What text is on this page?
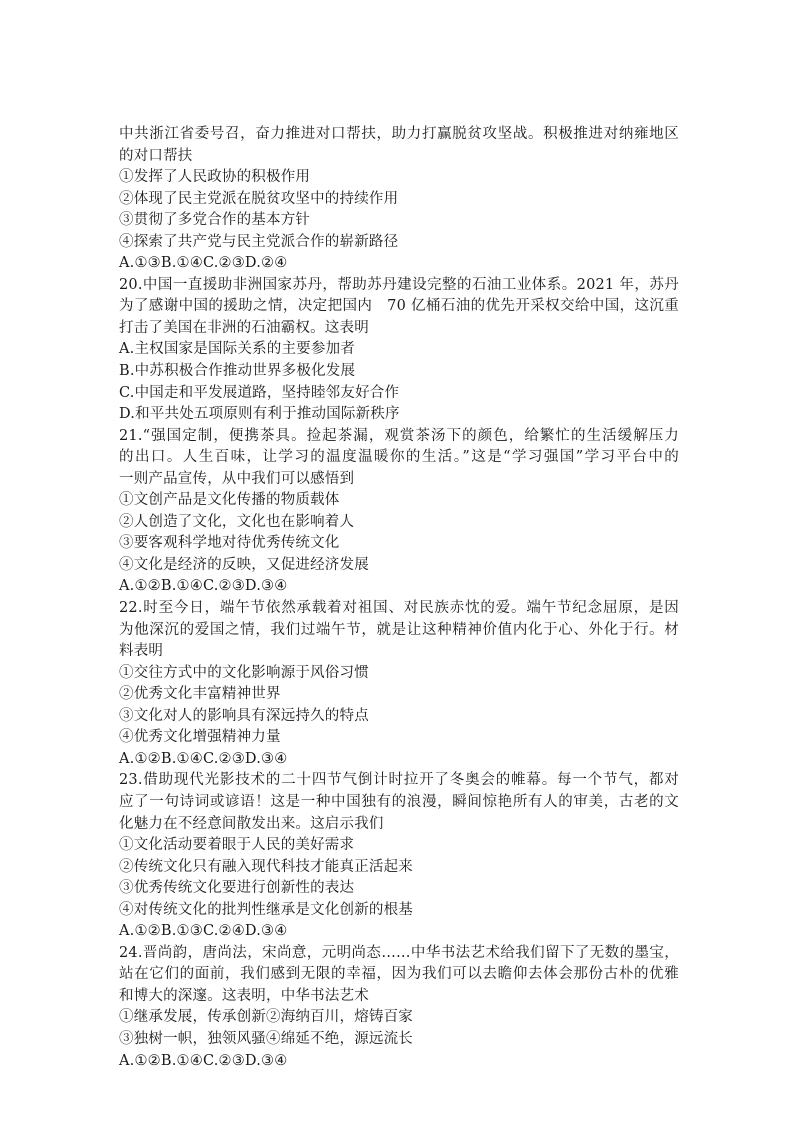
中共浙江省委号召，奋力推进对口帮扶，助力打赢脱贫攻坚战。积极推进对纳雍地区
的对口帮扶
①发挥了人民政协的积极作用
②体现了民主党派在脱贫攻坚中的持续作用
③贯彻了多党合作的基本方针
④探索了共产党与民主党派合作的崭新路径
A.①③B.①④C.②③D.②④
20.中国一直援助非洲国家苏丹，帮助苏丹建设完整的石油工业体系。2021 年，苏丹
为了感谢中国的援助之情，决定把国内　70 亿桶石油的优先开采权交给中国，这沉重
打击了美国在非洲的石油霸权。这表明
A.主权国家是国际关系的主要参加者
B.中苏积极合作推动世界多极化发展
C.中国走和平发展道路，坚持睦邻友好合作
D.和平共处五项原则有利于推动国际新秩序
21.“强国定制，便携茶具。捡起茶漏，观赏茶汤下的颜色，给繁忙的生活缓解压力
的出口。人生百味，让学习的温度温暖你的生活。”这是“学习强国”学习平台中的
一则产品宣传，从中我们可以感悟到
①文创产品是文化传播的物质载体
②人创造了文化，文化也在影响着人
③要客观科学地对待优秀传统文化
④文化是经济的反映，又促进经济发展
A.①②B.①④C.②③D.③④
22.时至今日，端午节依然承载着对祖国、对民族赤忱的爱。端午节纪念屈原，是因
为他深沉的爱国之情，我们过端午节，就是让这种精神价值内化于心、外化于行。材
料表明
①交往方式中的文化影响源于风俗习惯
②优秀文化丰富精神世界
③文化对人的影响具有深远持久的特点
④优秀文化增强精神力量
A.①②B.①④C.②③D.③④
23.借助现代光影技术的二十四节气倒计时拉开了冬奥会的帷幕。每一个节气，都对
应了一句诗词或谚语！这是一种中国独有的浪漫，瞬间惊艳所有人的审美，古老的文
化魅力在不经意间散发出来。这启示我们
①文化活动要着眼于人民的美好需求
②传统文化只有融入现代科技才能真正活起来
③优秀传统文化要进行创新性的表达
④对传统文化的批判性继承是文化创新的根基
A.①②B.①③C.②④D.③④
24.晋尚韵，唐尚法，宋尚意，元明尚态……中华书法艺术给我们留下了无数的墨宝，
站在它们的面前，我们感到无限的幸福，因为我们可以去瞻仰去体会那份古朴的优雅
和博大的深邃。这表明，中华书法艺术
①继承发展，传承创新②海纳百川，熔铸百家
③独树一帜，独领风骚④绵延不绝，源远流长
A.①②B.①④C.②③D.③④
